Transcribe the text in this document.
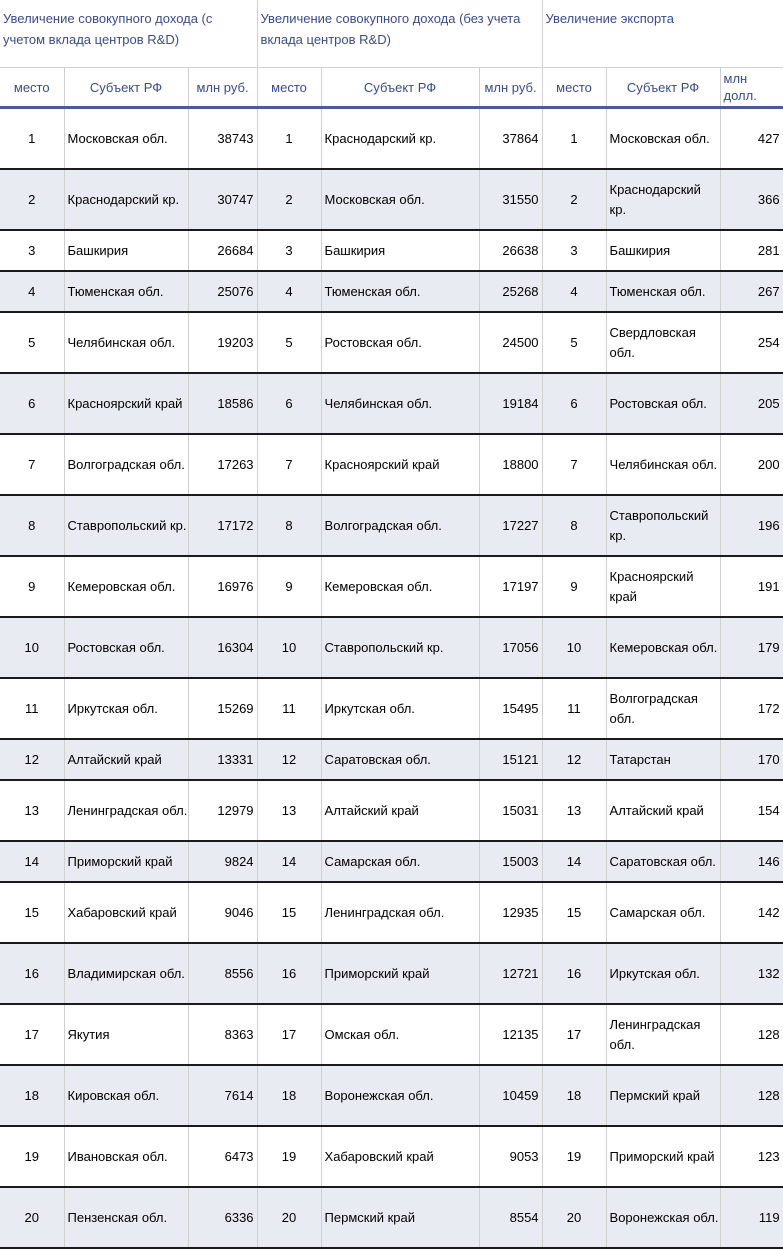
Увеличение совокупного дохода (с учетом вклада центров R&D)			Увеличение совокупного дохода (без учета вклада центров R&D)			Увеличение экспорта		
место	Субъект РФ	млн руб.	место	Субъект РФ	млн руб.	место	Субъект РФ	млн долл.
1	Московская обл.	38743	1	Краснодарский кр.	37864	1	Московская обл.	427
2	Краснодарский кр.	30747	2	Московская обл.	31550	2	Краснодарский кр.	366
3	Башкирия	26684	3	Башкирия	26638	3	Башкирия	281
4	Тюменская обл.	25076	4	Тюменская обл.	25268	4	Тюменская обл.	267
5	Челябинская обл.	19203	5	Ростовская обл.	24500	5	Свердловская обл.	254
6	Красноярский край	18586	6	Челябинская обл.	19184	6	Ростовская обл.	205
7	Волгоградская обл.	17263	7	Красноярский край	18800	7	Челябинская обл.	200
8	Ставропольский кр.	17172	8	Волгоградская обл.	17227	8	Ставропольский кр.	196
9	Кемеровская обл.	16976	9	Кемеровская обл.	17197	9	Красноярский край	191
10	Ростовская обл.	16304	10	Ставропольский кр.	17056	10	Кемеровская обл.	179
11	Иркутская обл.	15269	11	Иркутская обл.	15495	11	Волгоградская обл.	172
12	Алтайский край	13331	12	Саратовская обл.	15121	12	Татарстан	170
13	Ленинградская обл.	12979	13	Алтайский край	15031	13	Алтайский край	154
14	Приморский край	9824	14	Самарская обл.	15003	14	Саратовская обл.	146
15	Хабаровский край	9046	15	Ленинградская обл.	12935	15	Самарская обл.	142
16	Владимирская обл.	8556	16	Приморский край	12721	16	Иркутская обл.	132
17	Якутия	8363	17	Омская обл.	12135	17	Ленинградская обл.	128
18	Кировская обл.	7614	18	Воронежская обл.	10459	18	Пермский край	128
19	Ивановская обл.	6473	19	Хабаровский край	9053	19	Приморский край	123
20	Пензенская обл.	6336	20	Пермский край	8554	20	Воронежская обл.	119
